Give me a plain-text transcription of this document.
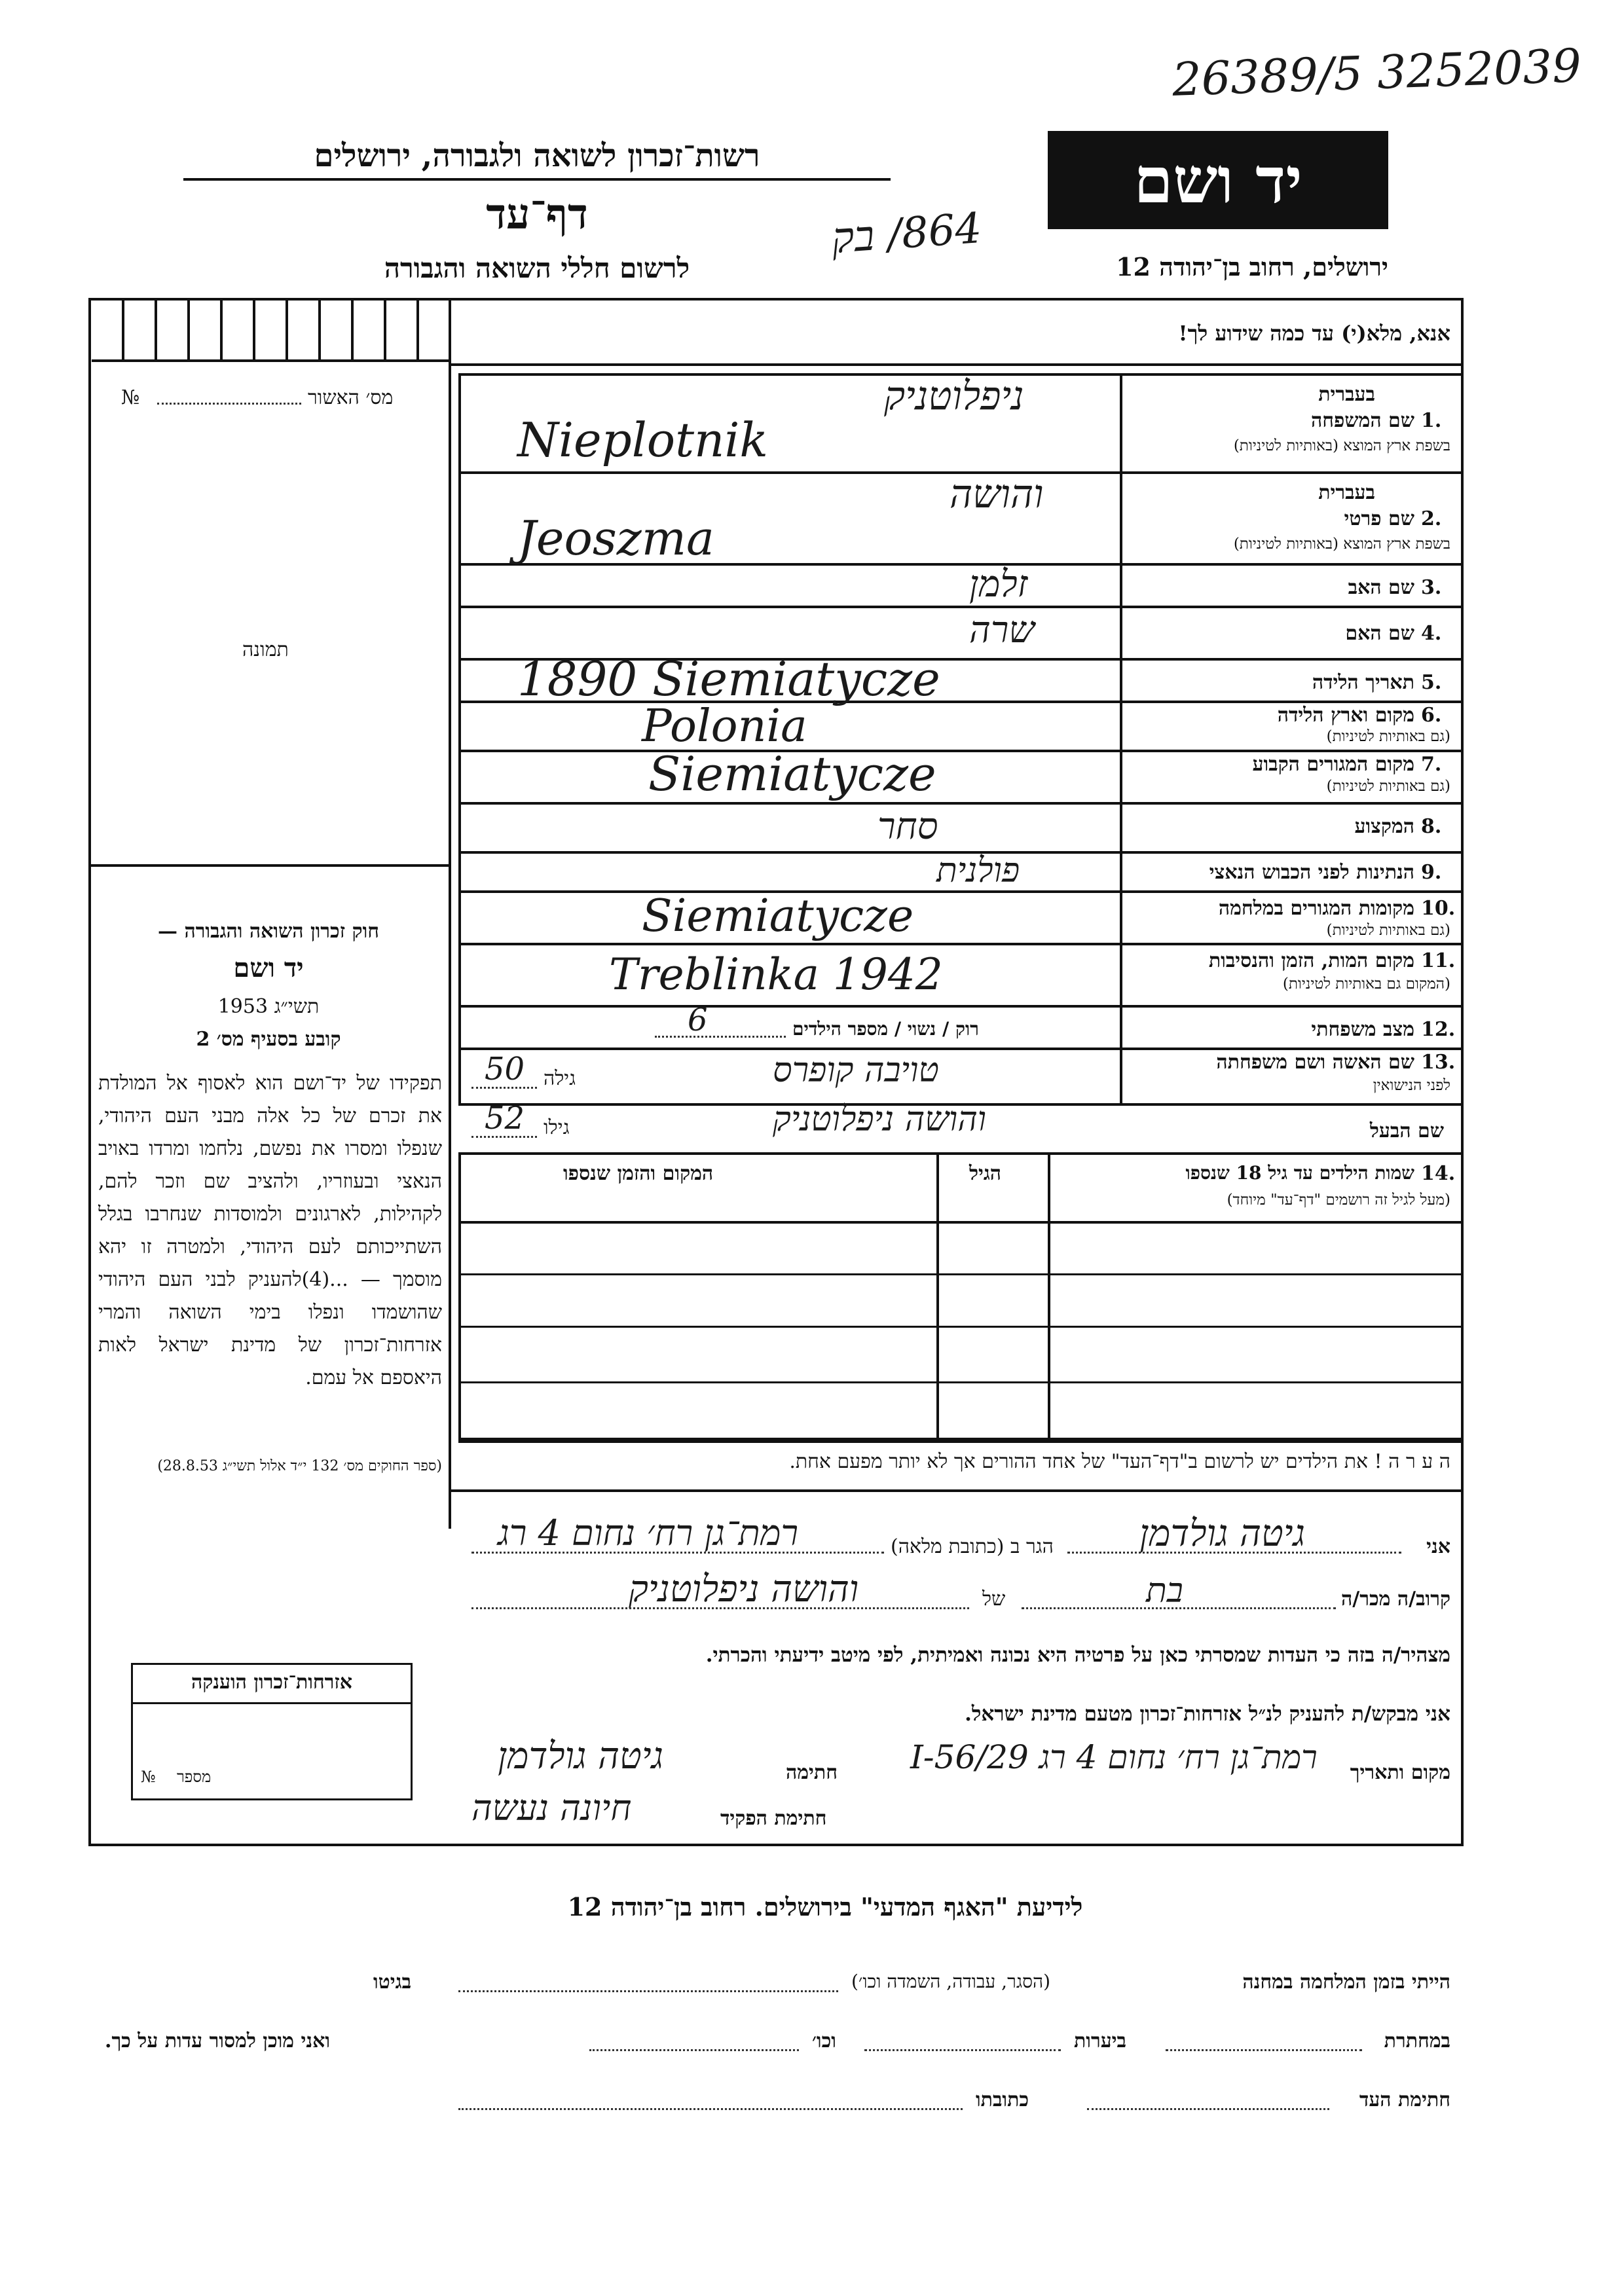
26389/5 3252039
רשות־זכרון לשואה ולגבורה, ירושלים
דף־עד
לרשום חללי השואה והגבורה
יד ושם
ירושלים, רחוב בן־יהודה 12
864/ בק
מס׳ האשור
№
תמונה
אנא, מלא(י) עד כמה שידוע לך!
1.
שם המשפחה
בשפת ארץ המוצא (באותיות לטיניות)
בעברית
ניפלוטניק
Nieplotnik
2.
שם פרטי
בשפת ארץ המוצא (באותיות לטיניות)
בעברית
והושה
Jeoszma
3.
שם האב
זלמן
4.
שם האם
שרה
5.
תאריך הלידה
1890 Siemiatycze
6.
מקום וארץ הלידה
(גם באותיות לטיניות)
Polonia
7.
מקום המגורים הקבוע
(גם באותיות לטיניות)
Siemiatycze
8.
המקצוע
סחר
9.
הנתינות לפני הכבוש הנאצי
פולנית
10.
מקומות המגורים במלחמה
(גם באותיות לטיניות)
Siemiatycze
11.
מקום המות, הזמן והנסיבות
(המקום גם באותיות לטיניות)
Treblinka 1942
12.
מצב משפחתי
רוק / נשוי / מספר הילדים
6
13.
שם האשה ושם משפחתה
לפני הנישואין
גילה
50	טויבה קופרס
שם הבעל
גילו
52	והושה ניפלוטניק
14.
שמות הילדים עד גיל 18 שנספו
(מעל לגיל זה רושמים "דף־עד" מיוחד)
הגיל
המקום והזמן שנספו
ה ע ר ה ! את הילדים יש לרשום ב"דף־העד" של אחד ההורים אך לא יותר מפעם אחת.
חוק זכרון השואה והגבורה —
יד ושם
תשי״ג 1953
קובע בסעיף מס׳ 2
תפקידו של יד־ושם הוא לאסוף אל המולדת את זכרם של כל אלה מבני העם היהודי, שנפלו ומסרו את נפשם, נלחמו ומרדו באויב הנאצי ובעוזריו, ולהציב שם וזכר להם, לקהילות, לארגונים ולמוסדות שנחרבו בגלל השתייכותם לעם היהודי, ולמטרה זו יהא מוסמך — ...(4)להעניק לבני העם היהודי שהושמדו ונפלו בימי השואה והמרי אזרחות־זכרון של מדינת ישראל לאות היאספם אל עמם.
(ספר החוקים מס׳ 132 י״ד אלול תשי״ג 28.8.53)
אני
גיטה גולדמן
הגר ב (כתובת מלאה)
רמת־גן רח׳ נחום 4 רג
קרוב/ה מכר/ה
בת
של
והושה ניפלוטניק
מצהיר/ה בזה כי העדות שמסרתי כאן על פרטיה היא נכונה ואמיתית, לפי מיטב ידיעתי והכרתי.
אני מבקש/ת להעניק לנ״ל אזרחות־זכרון מטעם מדינת ישראל.
מקום ותאריך
רמת־גן רח׳ נחום 4 רג 29/I-56
חתימה
גיטה גולדמן
חתימת הפקיד
חיונה נעשה
אזרחות־זכרון הוענקה
מספר
№
לידיעת "האגף המדעי" בירושלים. רחוב בן־יהודה 12
הייתי בזמן המלחמה במחנה
(הסגר, עבודה, השמדה וכו׳)
בגיטו
במחתרת
ביערות
וכו׳
ואני מוכן למסור עדות על כך.
חתימת העד
כתובתו
